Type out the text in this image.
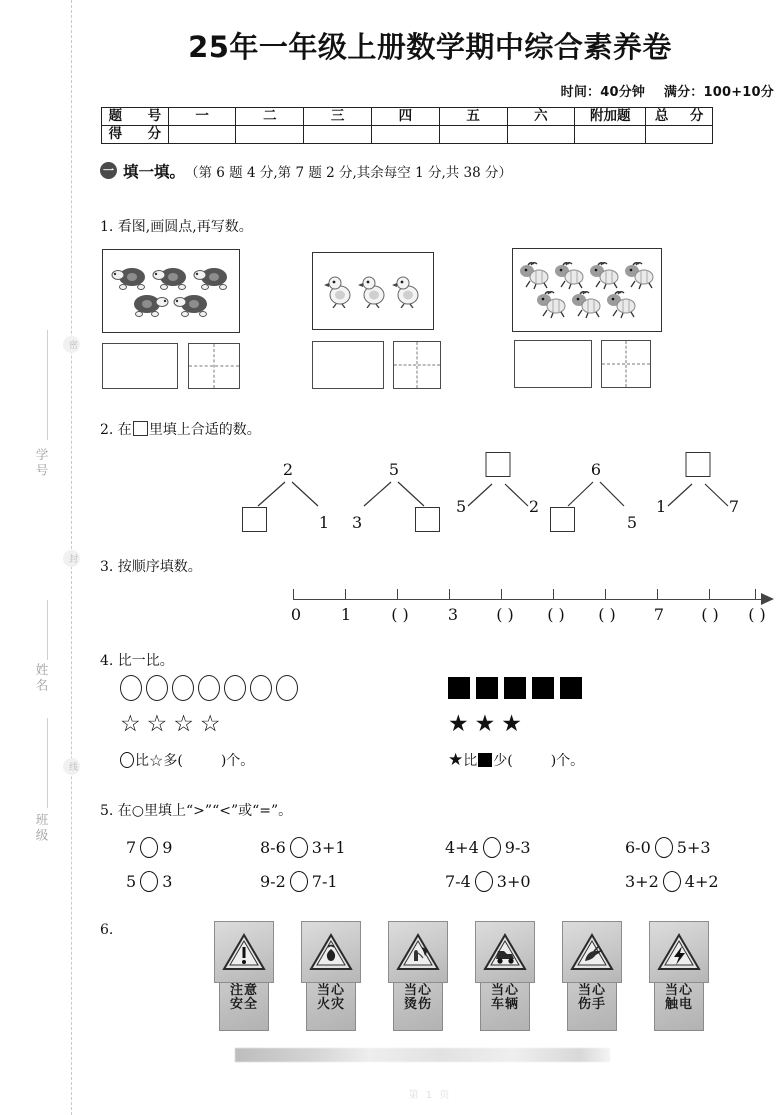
学号
姓名
班级
密
封
线
25年一年级上册数学期中综合素养卷
时间：40分钟 满分：100+10分
题　号	一	二	三	四	五	六	附加题	总　分
得　分								
一 填一填。 （第 6 题 4 分,第 7 题 2 分,其余每空 1 分,共 38 分）
1. 看图,画圆点,再写数。
2. 在 里填上合适的数。
2
1
5
3
5	2
6
5
1	7
3. 按顺序填数。
0 1	( ) 3 ( ) ( ) ( ) 7 ( ) ( )
4. 比一比。
☆ ☆ ☆ ☆
比 ☆ 多(	)个。
★ ★ ★
★ 比 少(	)个。
5. 在○里填上“>”“<”或“=”。
7 9	8-6 3+1	4+4 9-3	6-0 5+3
5 3	9-2 7-1	7-4 3+0	3+2 4+2
6.
注意
安全
当心
火灾
当心
烫伤
当心
车辆
当心
伤手
当心
触电
第 1 页
